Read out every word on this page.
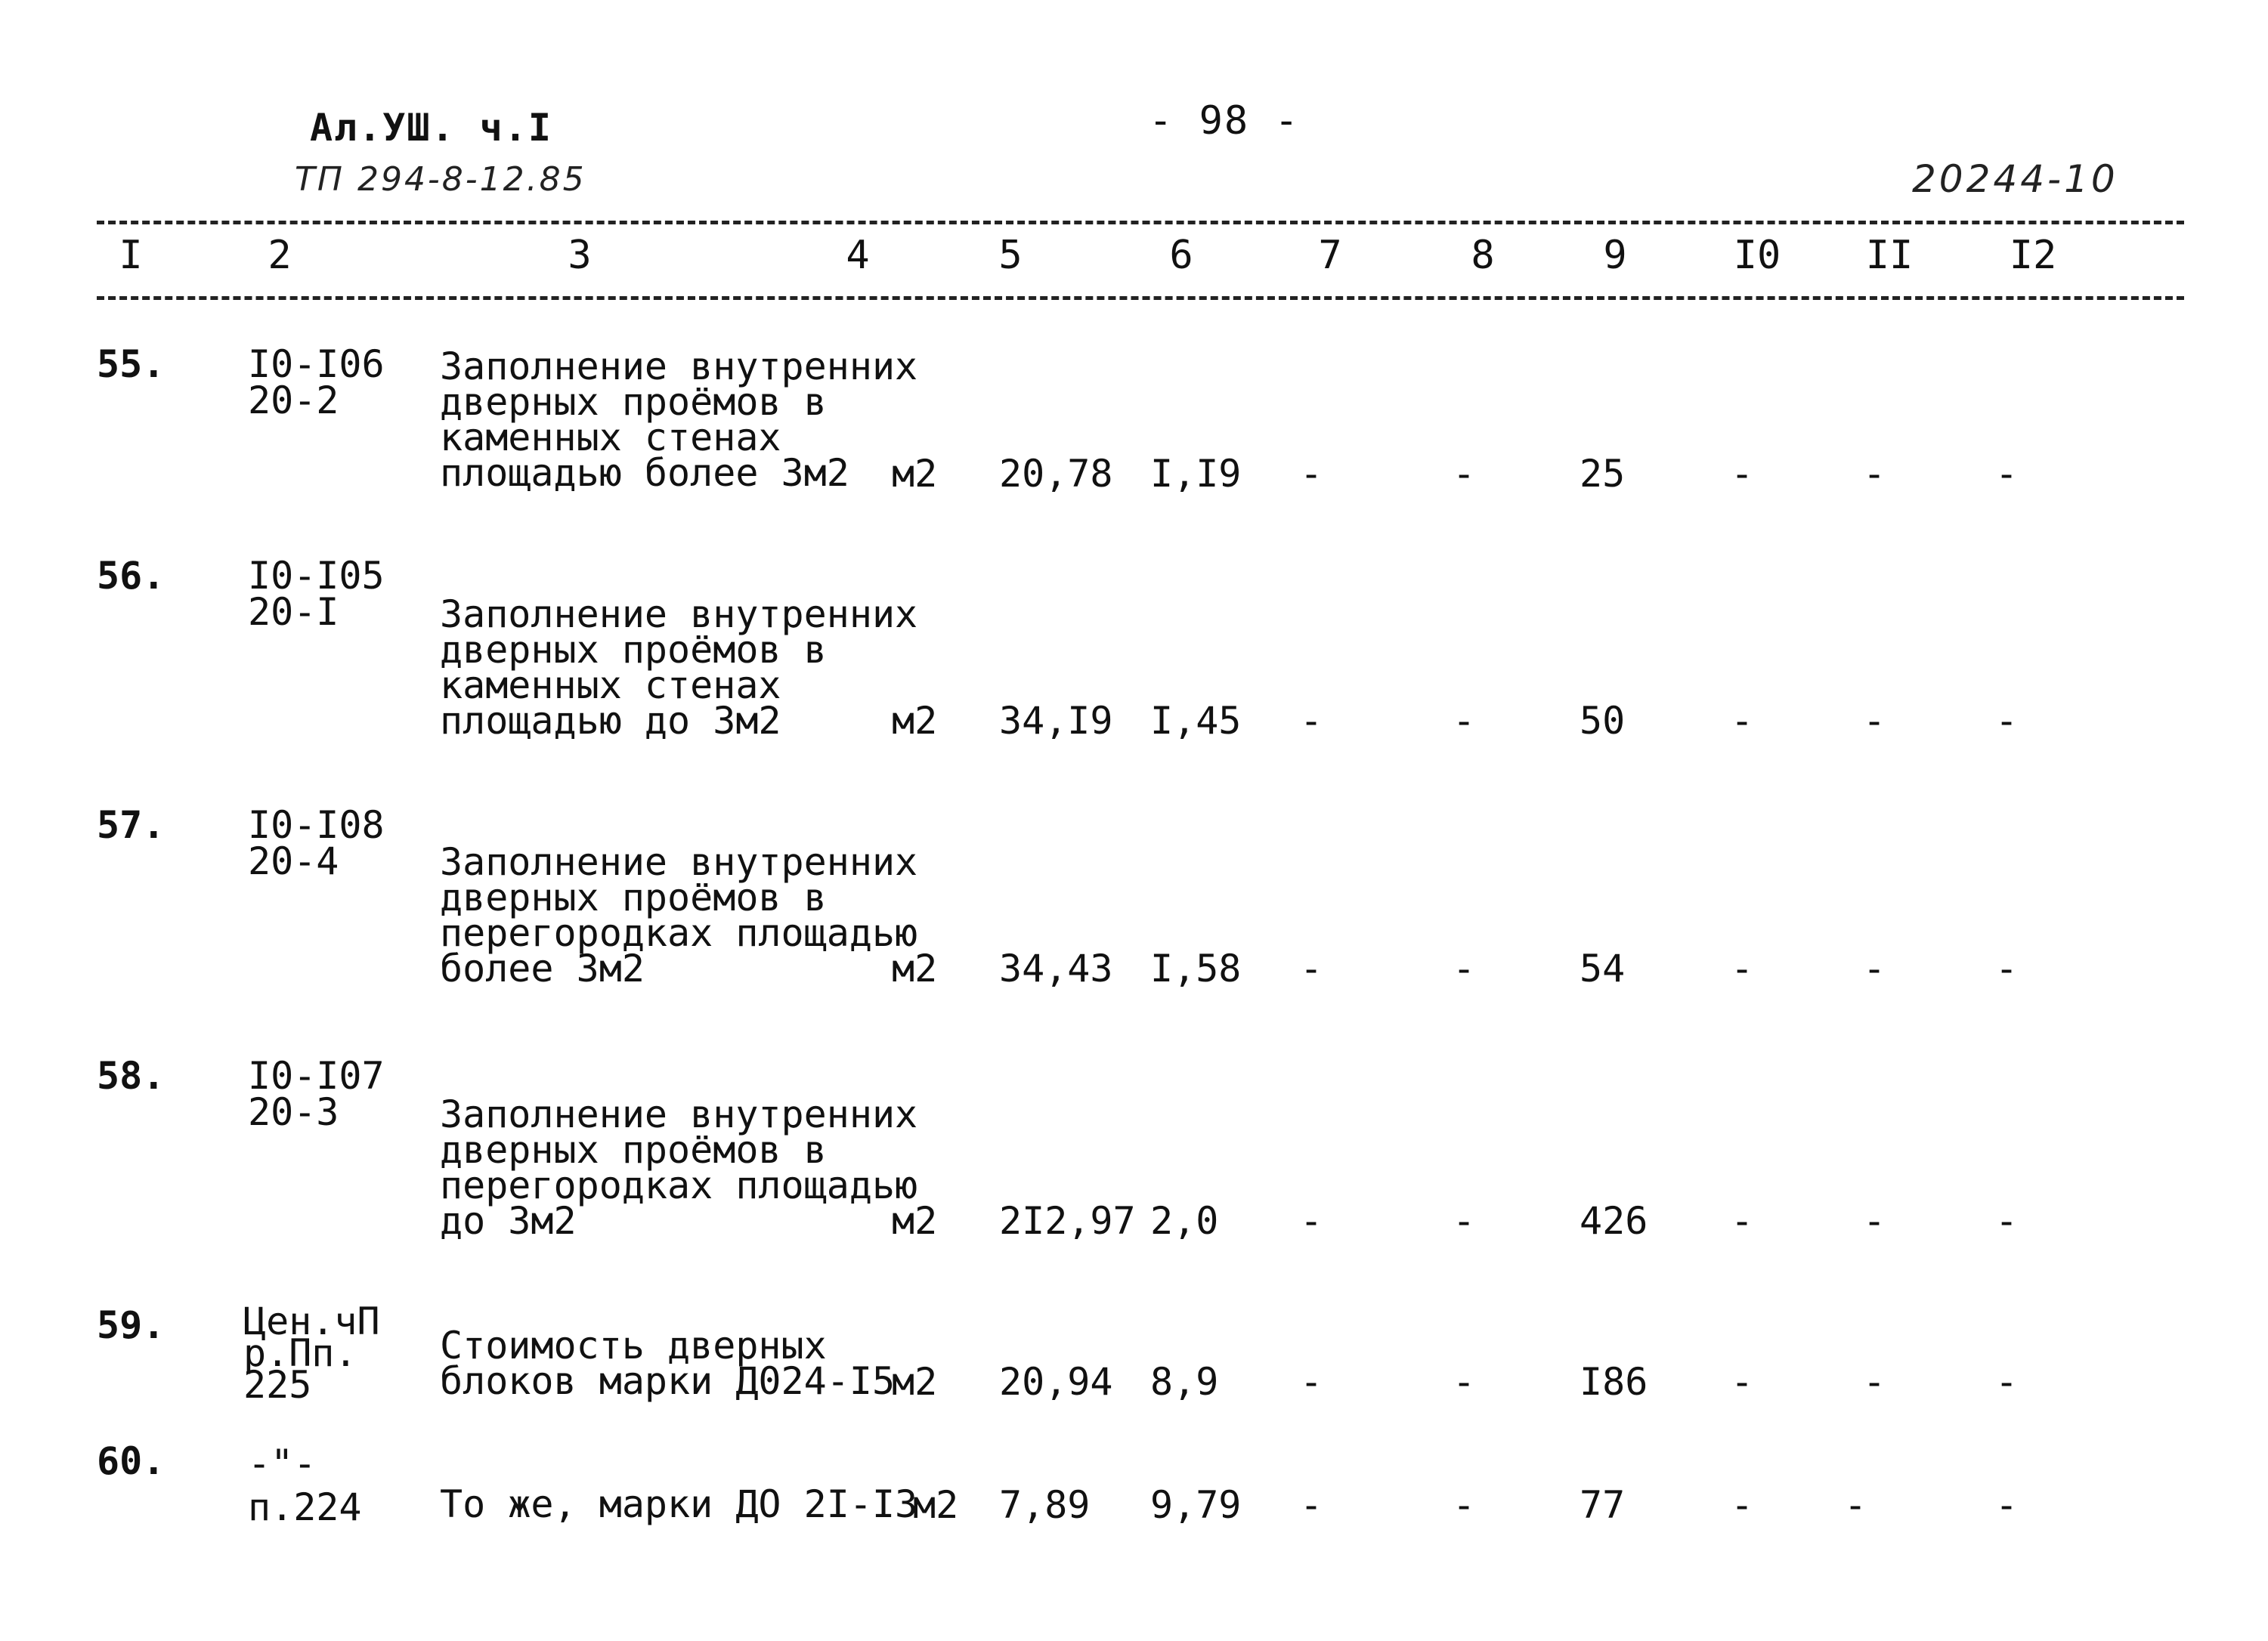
Ал.УШ. ч.I
ТП 294-8-12.85
- 98 -
20244-10
I	2	3	4	5	6	7	8	9	I0	II	I2
55. I0-I06
20-2
Заполнение внутренних
дверных проёмов в
каменных стенах
площадью более 3м2	м2 20,78 I,I9 -	-	25	-	-	-
56. I0-I05
20-I	Заполнение внутренних
дверных проёмов в
каменных стенах
площадью до 3м2	м2 34,I9 I,45 -	-	50	-	-	-
57. I0-I08
20-4	Заполнение внутренних
дверных проёмов в
перегородках площадью
более 3м2	м2 34,43 I,58 -	-	54	-	-	-
58. I0-I07
20-3	Заполнение внутренних
дверных проёмов в
перегородках площадью
до 3м2	м2 2I2,97 2,0 -	-	426 -	-	-
59. Цен.чП
р.Пп.
225
Стоимость дверных
блоков марки Д024-I5
м2 20,94 8,9 -	-	I86 -	-	-
60. -"-
п.224 То же, марки ДО 2I-I3
м2 7,89 9,79 -	-	77	- -	-
